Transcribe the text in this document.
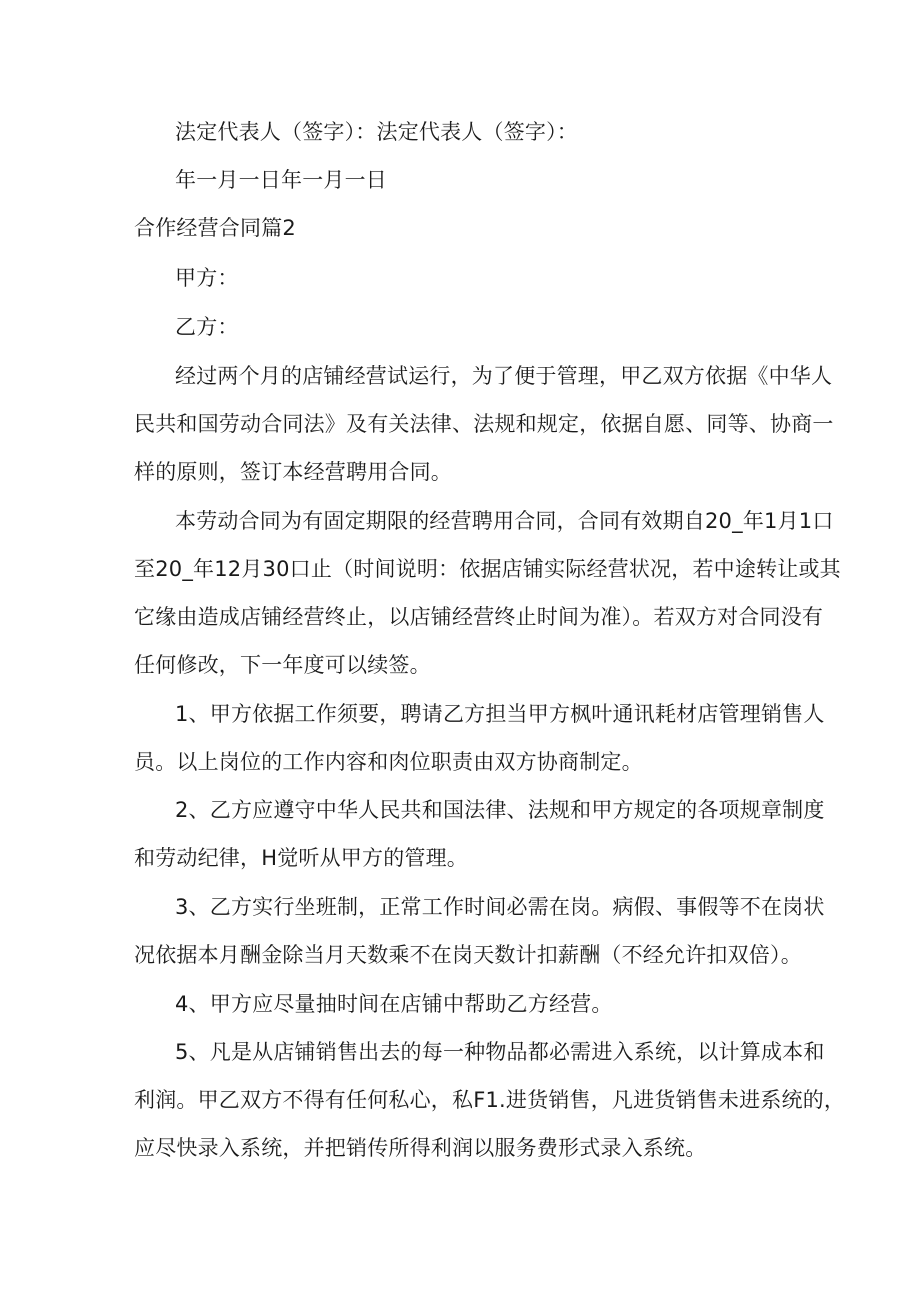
法定代表人（签字）：法定代表人（签字）：
年一月一日年一月一日
合作经营合同篇2
甲方：
乙方：
经过两个月的店铺经营试运行，为了便于管理，甲乙双方依据《中华人
民共和国劳动合同法》及有关法律、法规和规定，依据自愿、同等、协商一
样的原则，签订本经营聘用合同。
本劳动合同为有固定期限的经营聘用合同，合同有效期自20_年1月1口
至20_年12月30口止（时间说明：依据店铺实际经营状况，若中途转让或其
它缘由造成店铺经营终止，以店铺经营终止时间为准）。若双方对合同没有
任何修改，下一年度可以续签。
1、甲方依据工作须要，聘请乙方担当甲方枫叶通讯耗材店管理销售人
员。以上岗位的工作内容和肉位职责由双方协商制定。
2、乙方应遵守中华人民共和国法律、法规和甲方规定的各项规章制度
和劳动纪律，H觉听从甲方的管理。
3、乙方实行坐班制，正常工作时间必需在岗。病假、事假等不在岗状
况依据本月酬金除当月天数乘不在岗天数计扣薪酬（不经允许扣双倍）。
4、甲方应尽量抽时间在店铺中帮助乙方经营。
5、凡是从店铺销售出去的每一种物品都必需进入系统，以计算成本和
利润。甲乙双方不得有任何私心，私F1.进货销售，凡进货销售未进系统的，
应尽快录入系统，并把销传所得利润以服务费形式录入系统。
